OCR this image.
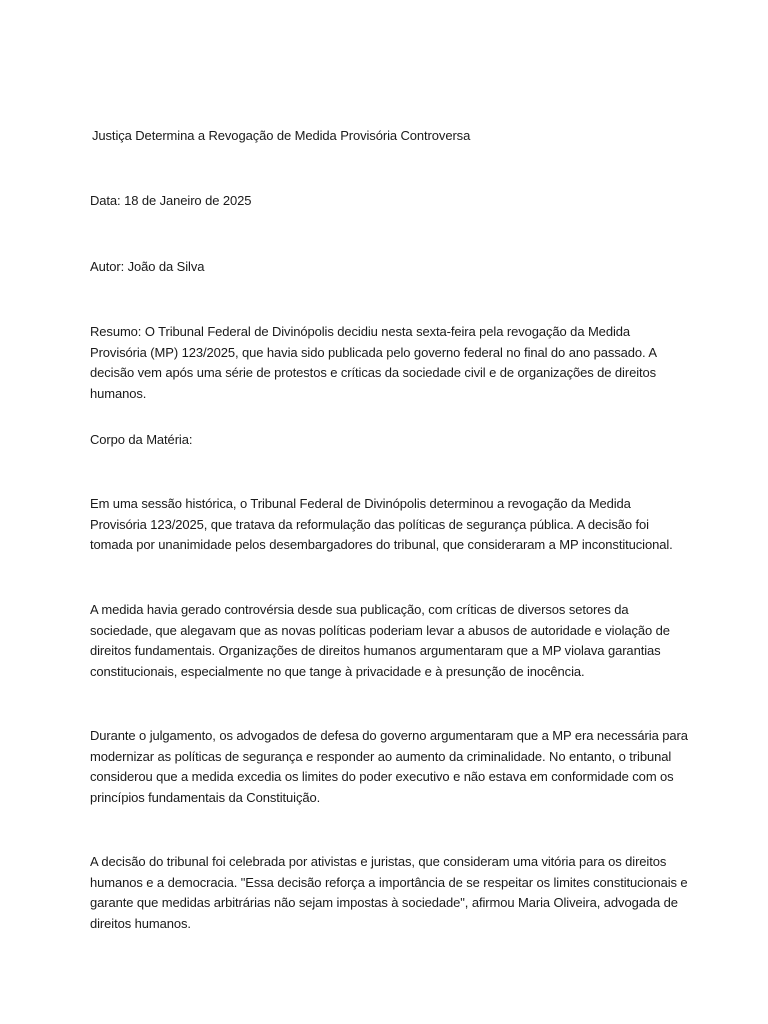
Justiça Determina a Revogação de Medida Provisória Controversa

Data: 18 de Janeiro de 2025

Autor: João da Silva

Resumo: O Tribunal Federal de Divinópolis decidiu nesta sexta-feira pela revogação da Medida Provisória (MP) 123/2025, que havia sido publicada pelo governo federal no final do ano passado. A decisão vem após uma série de protestos e críticas da sociedade civil e de organizações de direitos humanos.

Corpo da Matéria:

Em uma sessão histórica, o Tribunal Federal de Divinópolis determinou a revogação da Medida Provisória 123/2025, que tratava da reformulação das políticas de segurança pública. A decisão foi tomada por unanimidade pelos desembargadores do tribunal, que consideraram a MP inconstitucional.

A medida havia gerado controvérsia desde sua publicação, com críticas de diversos setores da sociedade, que alegavam que as novas políticas poderiam levar a abusos de autoridade e violação de direitos fundamentais. Organizações de direitos humanos argumentaram que a MP violava garantias constitucionais, especialmente no que tange à privacidade e à presunção de inocência.

Durante o julgamento, os advogados de defesa do governo argumentaram que a MP era necessária para modernizar as políticas de segurança e responder ao aumento da criminalidade. No entanto, o tribunal considerou que a medida excedia os limites do poder executivo e não estava em conformidade com os princípios fundamentais da Constituição.

A decisão do tribunal foi celebrada por ativistas e juristas, que consideram uma vitória para os direitos humanos e a democracia. "Essa decisão reforça a importância de se respeitar os limites constitucionais e garante que medidas arbitrárias não sejam impostas à sociedade", afirmou Maria Oliveira, advogada de direitos humanos.
